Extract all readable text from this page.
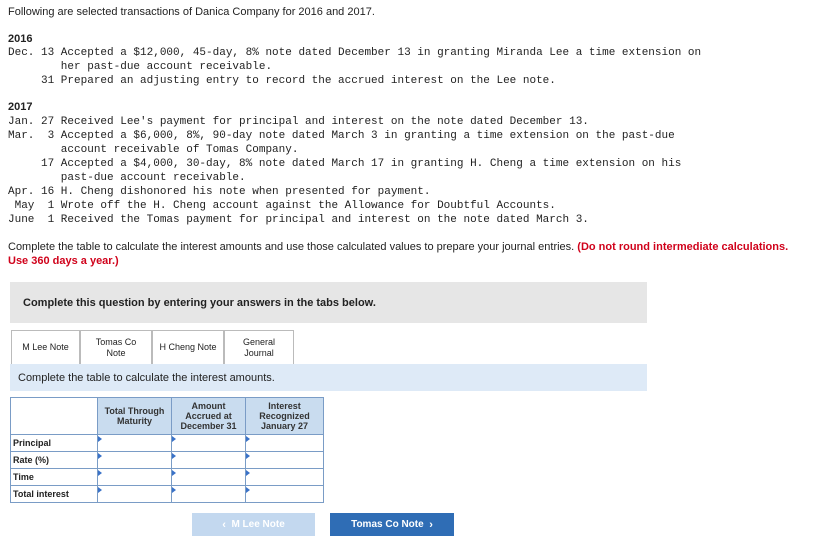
Following are selected transactions of Danica Company for 2016 and 2017.
2016
Dec. 13 Accepted a $12,000, 45-day, 8% note dated December 13 in granting Miranda Lee a time extension on
her past-due account receivable.
31 Prepared an adjusting entry to record the accrued interest on the Lee note.
2017
Jan. 27 Received Lee's payment for principal and interest on the note dated December 13.
Mar.  3 Accepted a $6,000, 8%, 90-day note dated March 3 in granting a time extension on the past-due
account receivable of Tomas Company.
17 Accepted a $4,000, 30-day, 8% note dated March 17 in granting H. Cheng a time extension on his
past-due account receivable.
Apr. 16 H. Cheng dishonored his note when presented for payment.
May  1 Wrote off the H. Cheng account against the Allowance for Doubtful Accounts.
June  1 Received the Tomas payment for principal and interest on the note dated March 3.
Complete the table to calculate the interest amounts and use those calculated values to prepare your journal entries. (Do not round intermediate calculations. Use 360 days a year.)
Complete this question by entering your answers in the tabs below.
M Lee Note
Tomas Co Note
H Cheng Note
General Journal
Complete the table to calculate the interest amounts.
	Total Through Maturity	Amount Accrued at December 31	Interest Recognized January 27
Principal	

Rate (%)	

Time	

Total interest	

‹
M Lee Note	Tomas Co Note
›
